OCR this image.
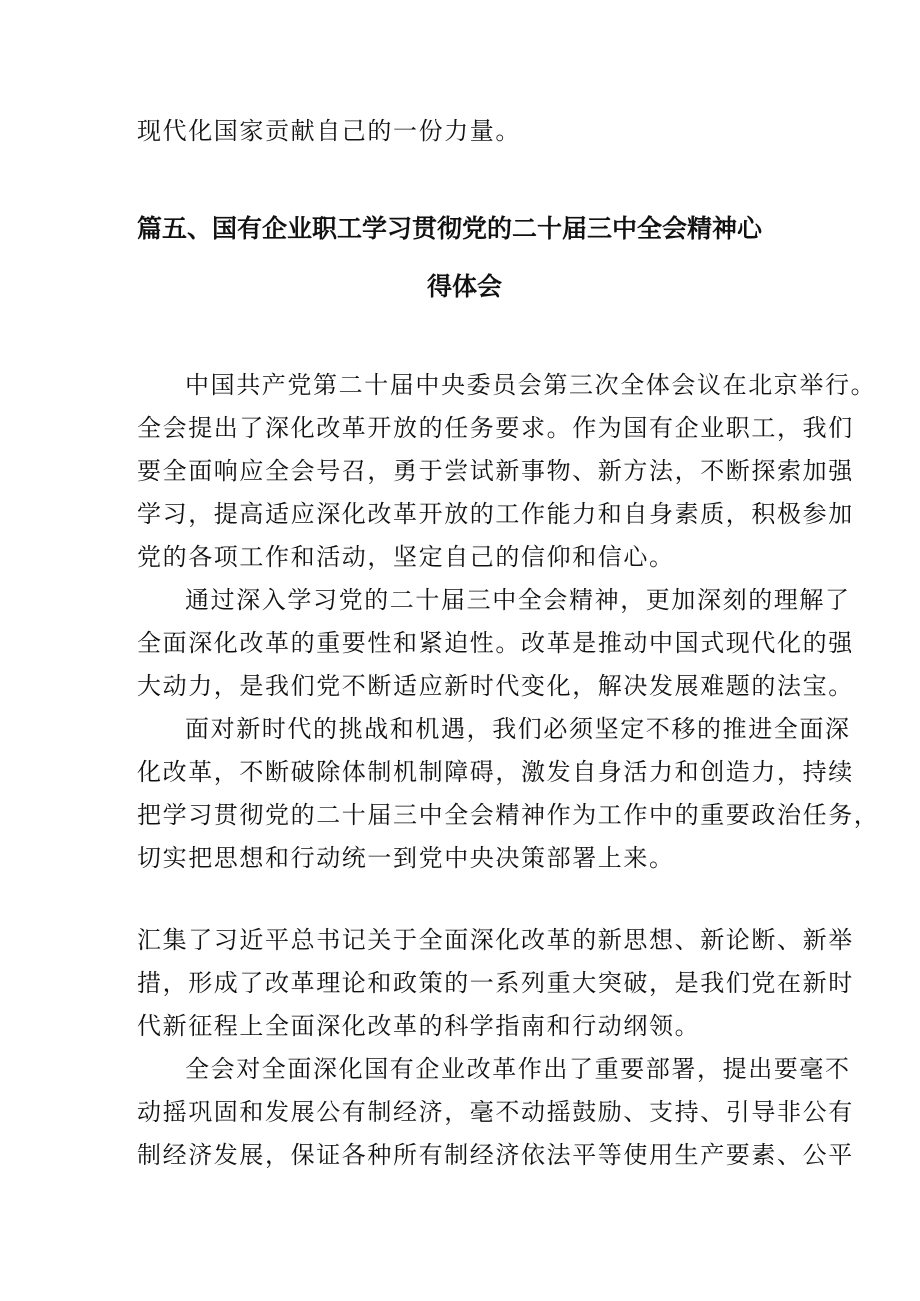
现代化国家贡献自己的一份力量。

篇五、国有企业职工学习贯彻党的二十届三中全会精神心
得体会

中国共产党第二十届中央委员会第三次全体会议在北京举行。

全会提出了深化改革开放的任务要求。作为国有企业职工，我们

要全面响应全会号召，勇于尝试新事物、新方法，不断探索加强

学习，提高适应深化改革开放的工作能力和自身素质，积极参加

党的各项工作和活动，坚定自己的信仰和信心。

通过深入学习党的二十届三中全会精神，更加深刻的理解了

全面深化改革的重要性和紧迫性。改革是推动中国式现代化的强

大动力，是我们党不断适应新时代变化，解决发展难题的法宝。

面对新时代的挑战和机遇，我们必须坚定不移的推进全面深

化改革，不断破除体制机制障碍，激发自身活力和创造力，持续

把学习贯彻党的二十届三中全会精神作为工作中的重要政治任务，

切实把思想和行动统一到党中央决策部署上来。

汇集了习近平总书记关于全面深化改革的新思想、新论断、新举

措，形成了改革理论和政策的一系列重大突破，是我们党在新时

代新征程上全面深化改革的科学指南和行动纲领。

全会对全面深化国有企业改革作出了重要部署，提出要毫不

动摇巩固和发展公有制经济，毫不动摇鼓励、支持、引导非公有

制经济发展，保证各种所有制经济依法平等使用生产要素、公平
